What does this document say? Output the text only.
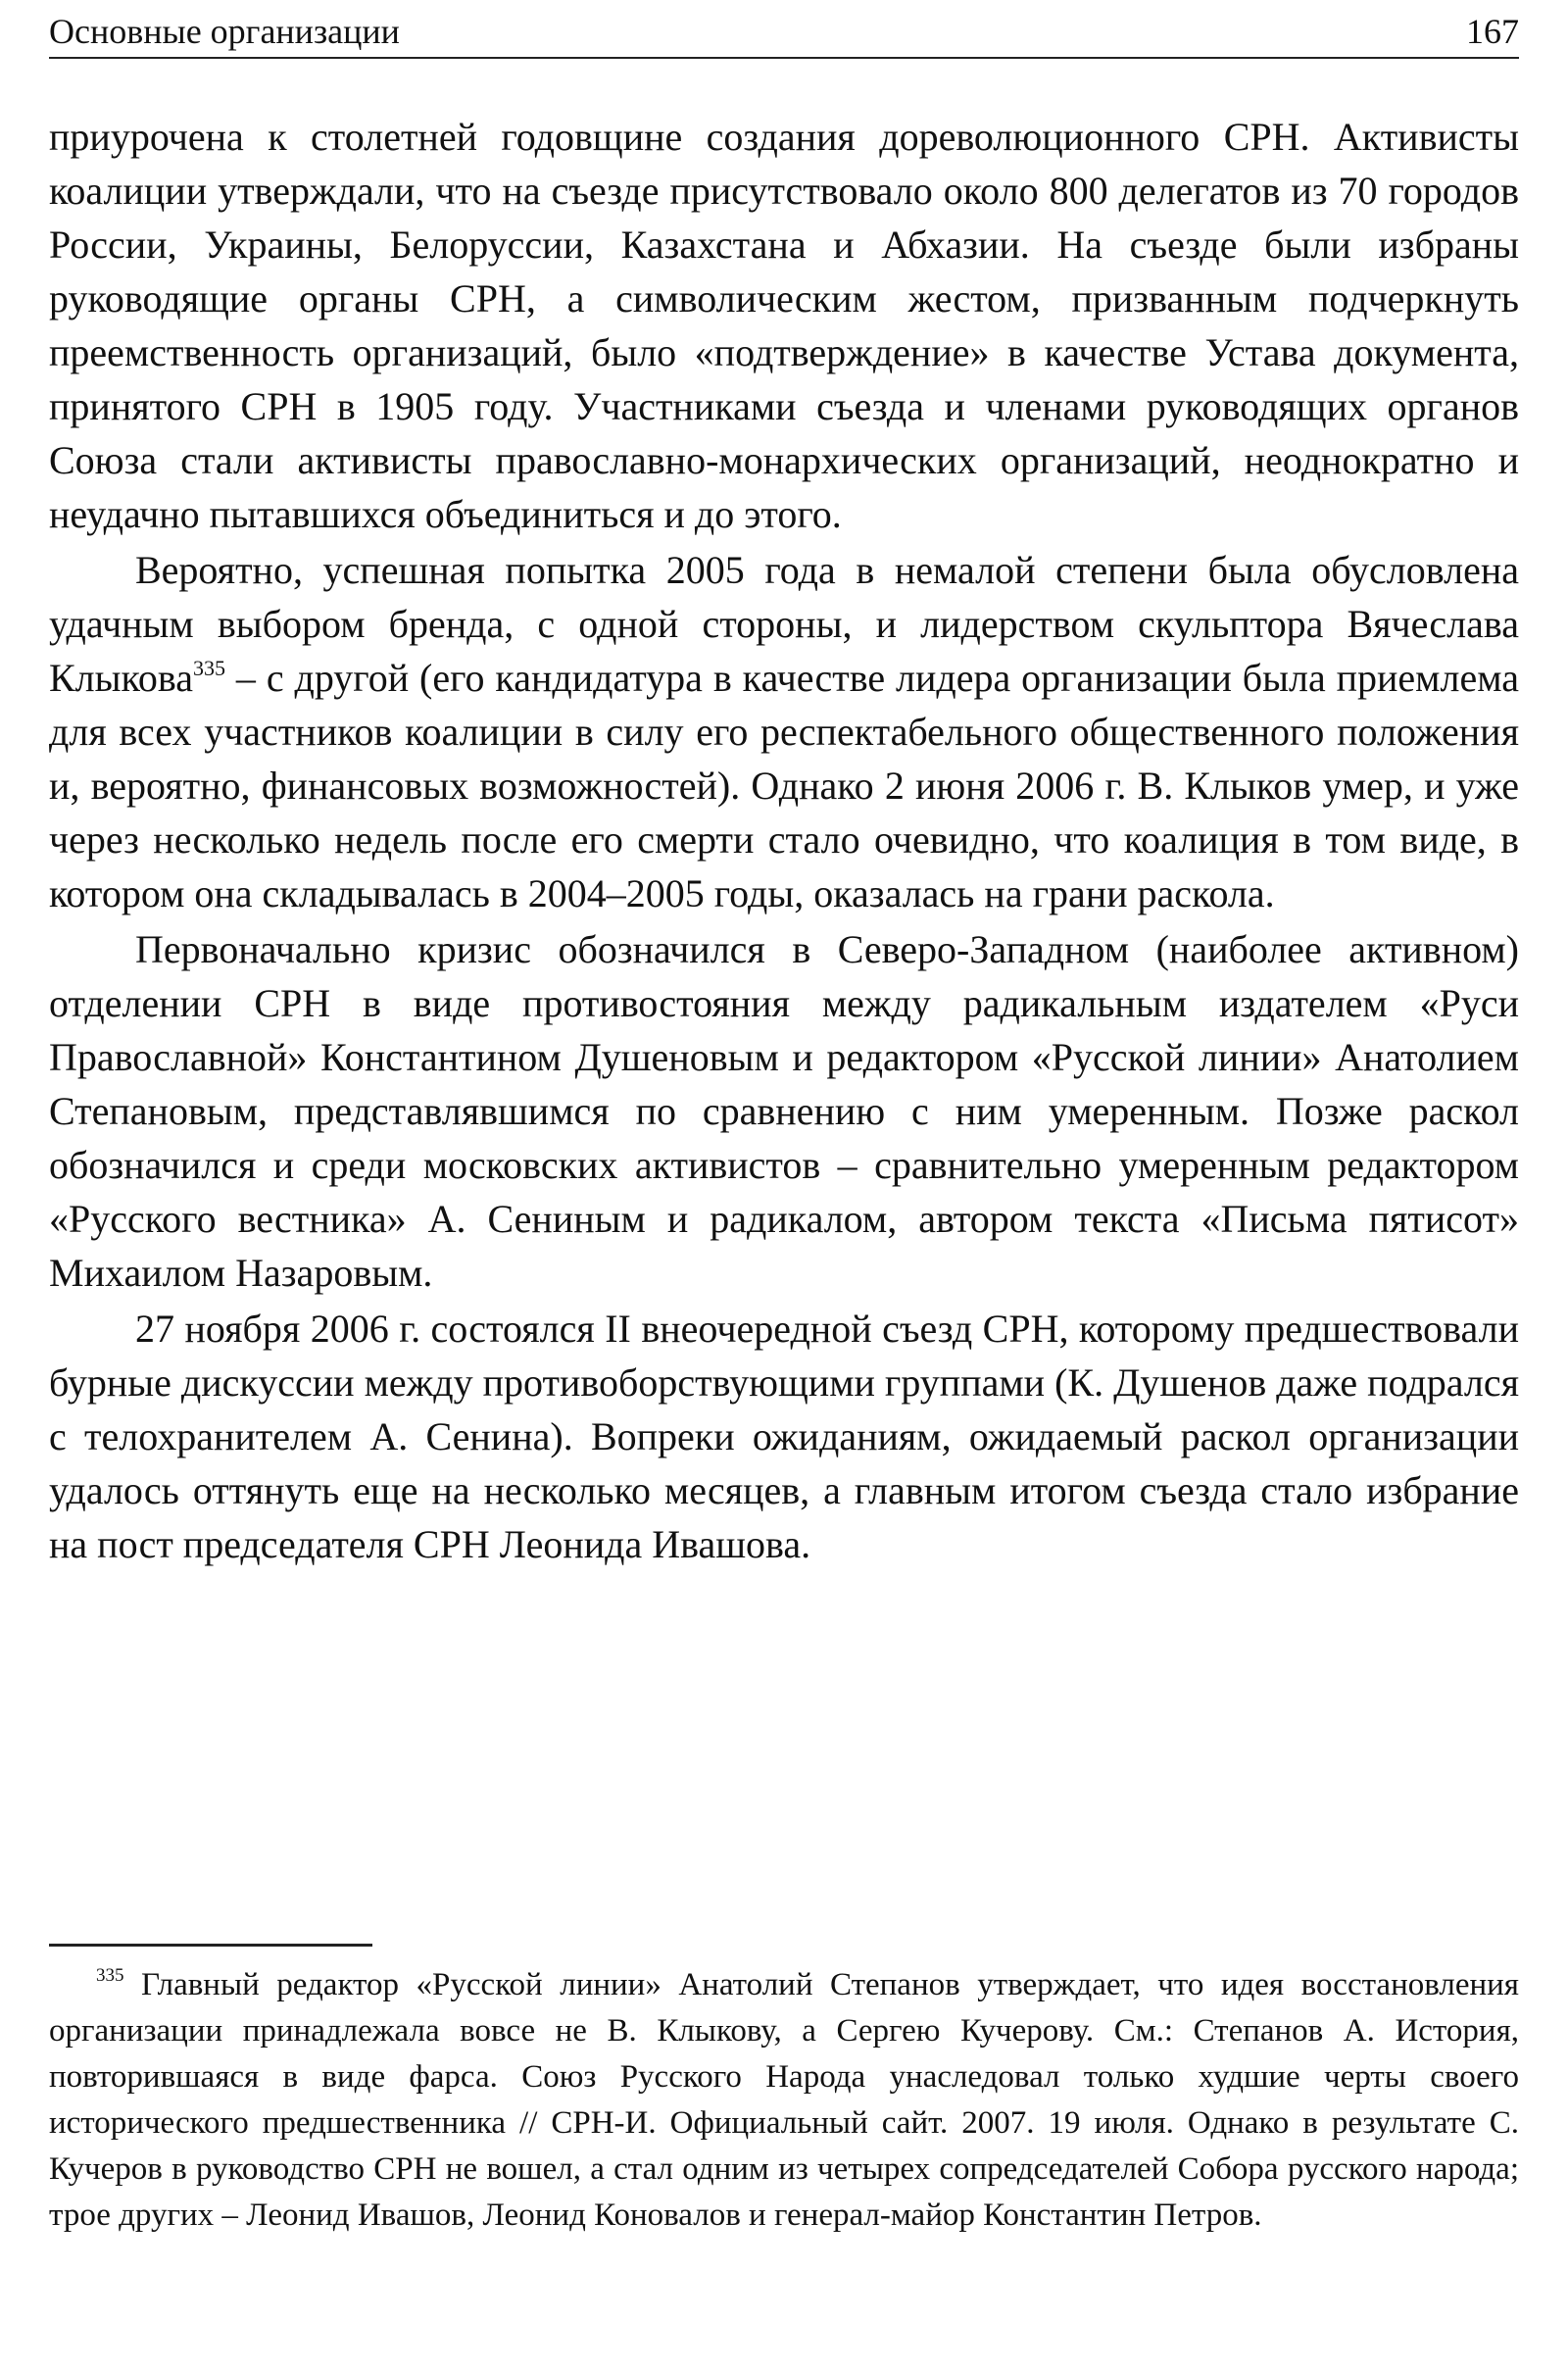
Основные организации	167

приурочена к столетней годовщине создания дореволюционного СРН. Активисты коалиции утверждали, что на съезде присутствовало около 800 делегатов из 70 городов России, Украины, Белоруссии, Казахстана и Абхазии. На съезде были избраны руководящие органы СРН, а символическим жестом, призванным подчеркнуть преемственность организаций, было «подтверждение» в качестве Устава документа, принятого СРН в 1905 году. Участниками съезда и членами руководящих органов Союза стали активисты православно-монархических организаций, неоднократно и неудачно пытавшихся объединиться и до этого.

Вероятно, успешная попытка 2005 года в немалой степени была обусловлена удачным выбором бренда, с одной стороны, и лидерством скульптора Вячеслава Клыкова$^{335}$ – с другой (его кандидатура в качестве лидера организации была приемлема для всех участников коалиции в силу его респектабельного общественного положения и, вероятно, финансовых возможностей). Однако 2 июня 2006 г. В. Клыков умер, и уже через несколько недель после его смерти стало очевидно, что коалиция в том виде, в котором она складывалась в 2004–2005 годы, оказалась на грани раскола.

Первоначально кризис обозначился в Северо-Западном (наиболее активном) отделении СРН в виде противостояния между радикальным издателем «Руси Православной» Константином Душеновым и редактором «Русской линии» Анатолием Степановым, представлявшимся по сравнению с ним умеренным. Позже раскол обозначился и среди московских активистов – сравнительно умеренным редактором «Русского вестника» А. Сениным и радикалом, автором текста «Письма пятисот» Михаилом Назаровым.

27 ноября 2006 г. состоялся II внеочередной съезд СРН, которому предшествовали бурные дискуссии между противоборствующими группами (К. Душенов даже подрался с телохранителем А. Сенина). Вопреки ожиданиям, ожидаемый раскол организации удалось оттянуть еще на несколько месяцев, а главным итогом съезда стало избрание на пост председателя СРН Леонида Ивашова.

$^{335}$ Главный редактор «Русской линии» Анатолий Степанов утверждает, что идея восстановления организации принадлежала вовсе не В. Клыкову, а Сергею Кучерову. См.: Степанов А. История, повторившаяся в виде фарса. Союз Русского Народа унаследовал только худшие черты своего исторического предшественника // СРН-И. Официальный сайт. 2007. 19 июля. Однако в результате С. Кучеров в руководство СРН не вошел, а стал одним из четырех сопредседателей Собора русского народа; трое других – Леонид Ивашов, Леонид Коновалов и генерал-майор Константин Петров.
